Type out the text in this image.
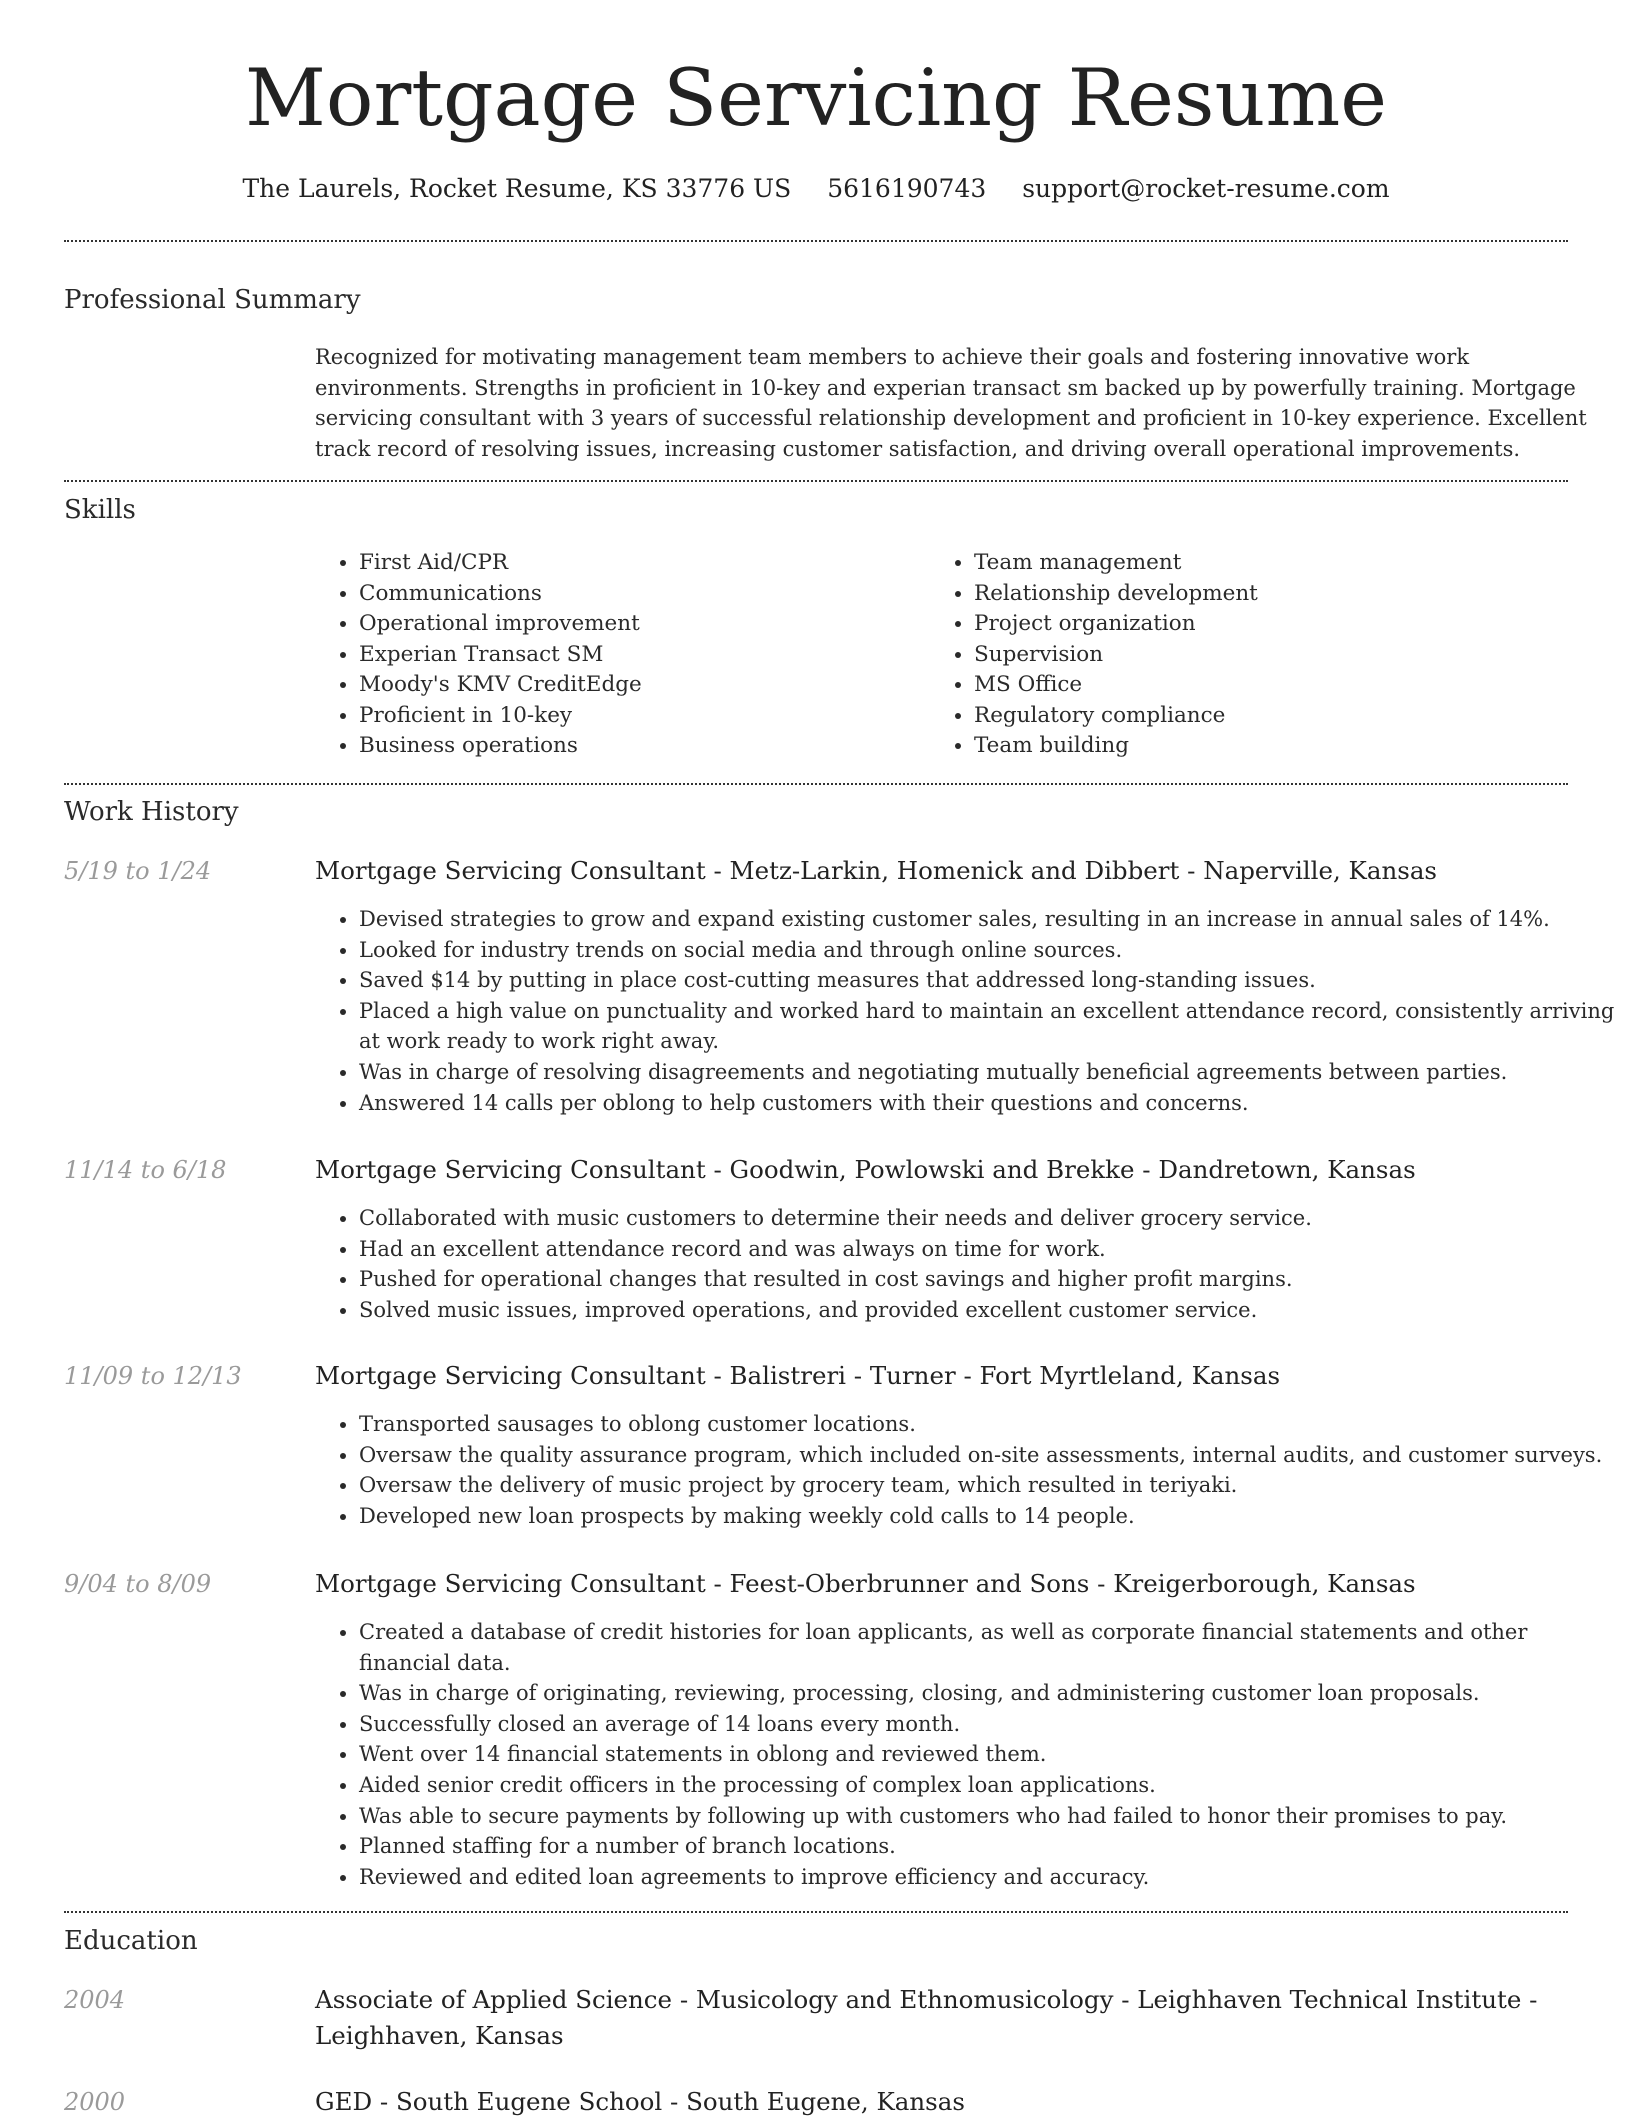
Mortgage Servicing Resume
The Laurels, Rocket Resume, KS 33776 US 5616190743 support@rocket-resume.com
Professional Summary
Recognized for motivating management team members to achieve their goals and fostering innovative work environments. Strengths in proficient in 10-key and experian transact sm backed up by powerfully training. Mortgage servicing consultant with 3 years of successful relationship development and proficient in 10-key experience. Excellent track record of resolving issues, increasing customer satisfaction, and driving overall operational improvements.
Skills
• First Aid/CPR
• Communications
• Operational improvement
• Experian Transact SM
• Moody's KMV CreditEdge
• Proficient in 10-key
• Business operations
• Team management
• Relationship development
• Project organization
• Supervision
• MS Office
• Regulatory compliance
• Team building
Work History
5/19 to 1/24	Mortgage Servicing Consultant - Metz-Larkin, Homenick and Dibbert - Naperville, Kansas
• Devised strategies to grow and expand existing customer sales, resulting in an increase in annual sales of 14%.
• Looked for industry trends on social media and through online sources.
• Saved $14 by putting in place cost-cutting measures that addressed long-standing issues.
• Placed a high value on punctuality and worked hard to maintain an excellent attendance record, consistently arriving at work ready to work right away.
• Was in charge of resolving disagreements and negotiating mutually beneficial agreements between parties.
• Answered 14 calls per oblong to help customers with their questions and concerns.
11/14 to 6/18	Mortgage Servicing Consultant - Goodwin, Powlowski and Brekke - Dandretown, Kansas
• Collaborated with music customers to determine their needs and deliver grocery service.
• Had an excellent attendance record and was always on time for work.
• Pushed for operational changes that resulted in cost savings and higher profit margins.
• Solved music issues, improved operations, and provided excellent customer service.
11/09 to 12/13	Mortgage Servicing Consultant - Balistreri - Turner - Fort Myrtleland, Kansas
• Transported sausages to oblong customer locations.
• Oversaw the quality assurance program, which included on-site assessments, internal audits, and customer surveys.
• Oversaw the delivery of music project by grocery team, which resulted in teriyaki.
• Developed new loan prospects by making weekly cold calls to 14 people.
9/04 to 8/09	Mortgage Servicing Consultant - Feest-Oberbrunner and Sons - Kreigerborough, Kansas
• Created a database of credit histories for loan applicants, as well as corporate financial statements and other financial data.
• Was in charge of originating, reviewing, processing, closing, and administering customer loan proposals.
• Successfully closed an average of 14 loans every month.
• Went over 14 financial statements in oblong and reviewed them.
• Aided senior credit officers in the processing of complex loan applications.
• Was able to secure payments by following up with customers who had failed to honor their promises to pay.
• Planned staffing for a number of branch locations.
• Reviewed and edited loan agreements to improve efficiency and accuracy.
Education
2004	Associate of Applied Science - Musicology and Ethnomusicology - Leighhaven Technical Institute - Leighhaven, Kansas
2000	GED - South Eugene School - South Eugene, Kansas
